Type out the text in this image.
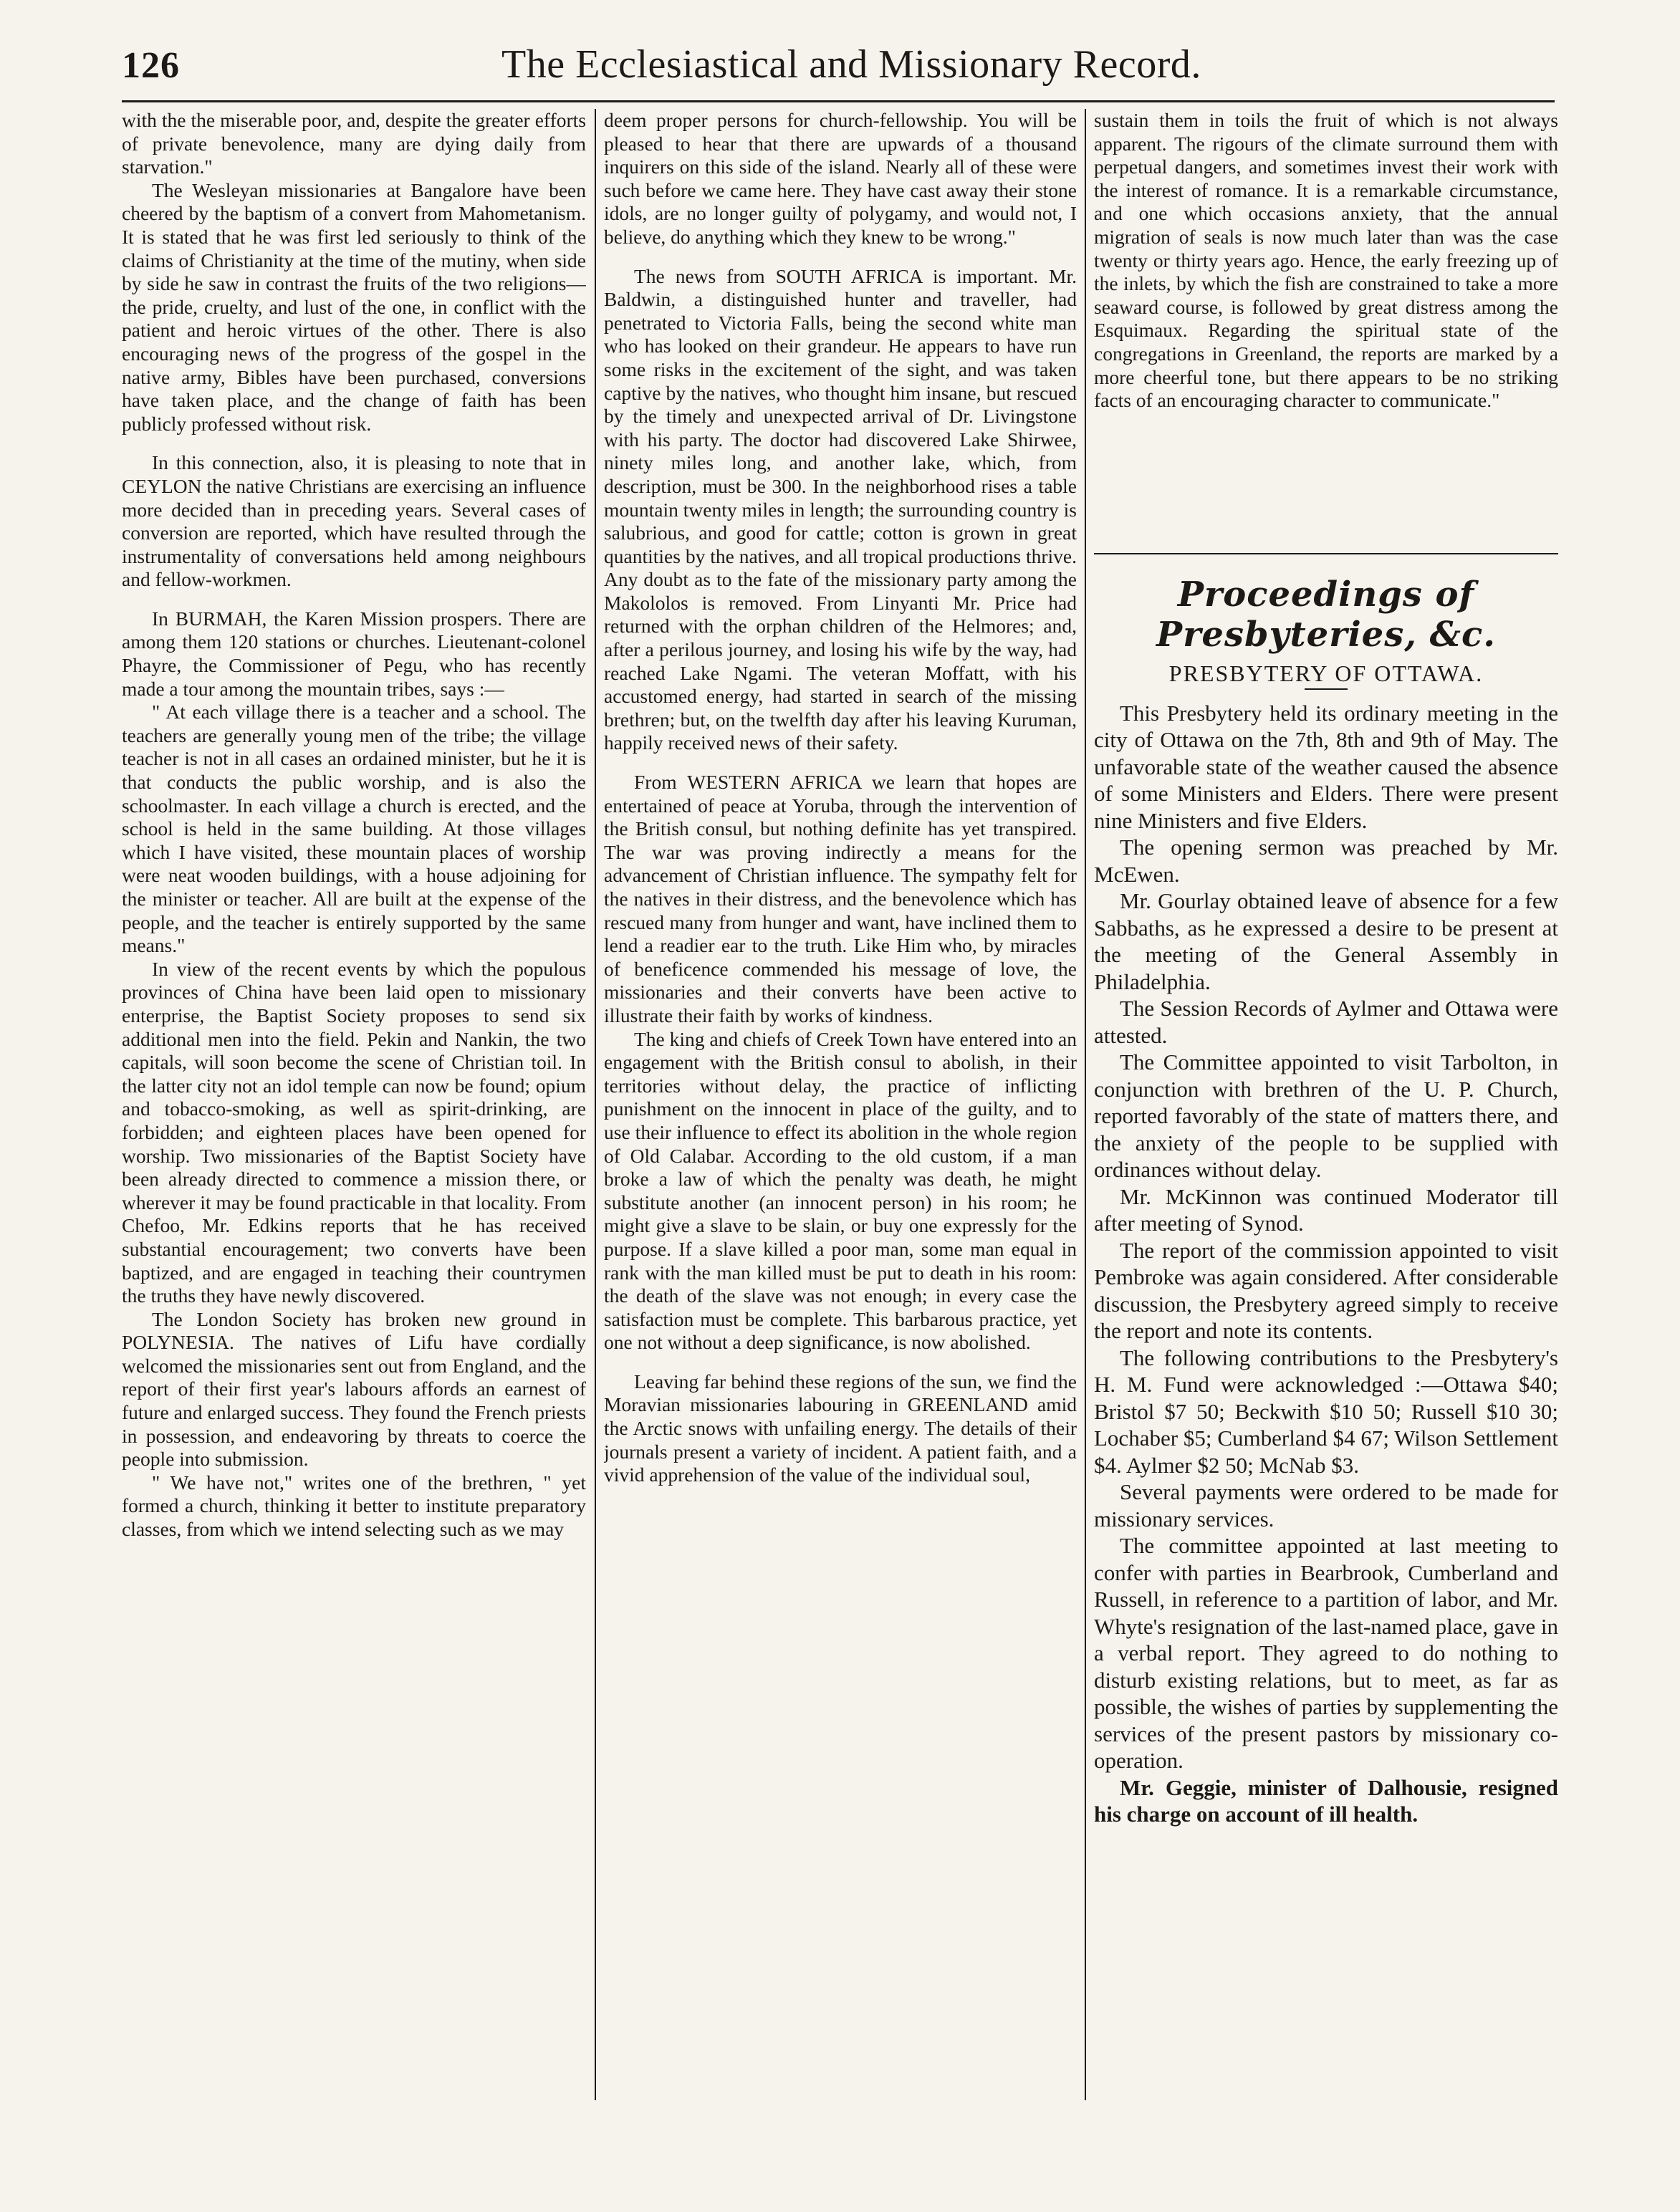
126	The Ecclesiastical and Missionary Record.

with the the miserable poor, and, despite the greater efforts of private benevolence, many are dying daily from starvation."

The Wesleyan missionaries at Bangalore have been cheered by the baptism of a convert from Mahometanism. It is stated that he was first led seriously to think of the claims of Christianity at the time of the mutiny, when side by side he saw in contrast the fruits of the two religions—the pride, cruelty, and lust of the one, in conflict with the patient and heroic virtues of the other. There is also encouraging news of the progress of the gospel in the native army, Bibles have been purchased, conversions have taken place, and the change of faith has been publicly professed without risk.

In this connection, also, it is pleasing to note that in CEYLON the native Christians are exercising an influence more decided than in preceding years. Several cases of conversion are reported, which have resulted through the instrumentality of conversations held among neighbours and fellow-workmen.

In BURMAH, the Karen Mission prospers. There are among them 120 stations or churches. Lieutenant-colonel Phayre, the Commissioner of Pegu, who has recently made a tour among the mountain tribes, says :—

" At each village there is a teacher and a school. The teachers are generally young men of the tribe; the village teacher is not in all cases an ordained minister, but he it is that conducts the public worship, and is also the schoolmaster. In each village a church is erected, and the school is held in the same building. At those villages which I have visited, these mountain places of worship were neat wooden buildings, with a house adjoining for the minister or teacher. All are built at the expense of the people, and the teacher is entirely supported by the same means."

In view of the recent events by which the populous provinces of China have been laid open to missionary enterprise, the Baptist Society proposes to send six additional men into the field. Pekin and Nankin, the two capitals, will soon become the scene of Christian toil. In the latter city not an idol temple can now be found; opium and tobacco-smoking, as well as spirit-drinking, are forbidden; and eighteen places have been opened for worship. Two missionaries of the Baptist Society have been already directed to commence a mission there, or wherever it may be found practicable in that locality. From Chefoo, Mr. Edkins reports that he has received substantial encouragement; two converts have been baptized, and are engaged in teaching their countrymen the truths they have newly discovered.

The London Society has broken new ground in POLYNESIA. The natives of Lifu have cordially welcomed the missionaries sent out from England, and the report of their first year's labours affords an earnest of future and enlarged success. They found the French priests in possession, and endeavoring by threats to coerce the people into submission.

" We have not," writes one of the brethren, " yet formed a church, thinking it better to institute preparatory classes, from which we intend selecting such as we may

deem proper persons for church-fellowship. You will be pleased to hear that there are upwards of a thousand inquirers on this side of the island. Nearly all of these were such before we came here. They have cast away their stone idols, are no longer guilty of polygamy, and would not, I believe, do anything which they knew to be wrong."

The news from SOUTH AFRICA is important. Mr. Baldwin, a distinguished hunter and traveller, had penetrated to Victoria Falls, being the second white man who has looked on their grandeur. He appears to have run some risks in the excitement of the sight, and was taken captive by the natives, who thought him insane, but rescued by the timely and unexpected arrival of Dr. Livingstone with his party. The doctor had discovered Lake Shirwee, ninety miles long, and another lake, which, from description, must be 300. In the neighborhood rises a table mountain twenty miles in length; the surrounding country is salubrious, and good for cattle; cotton is grown in great quantities by the natives, and all tropical productions thrive. Any doubt as to the fate of the missionary party among the Makololos is removed. From Linyanti Mr. Price had returned with the orphan children of the Helmores; and, after a perilous journey, and losing his wife by the way, had reached Lake Ngami. The veteran Moffatt, with his accustomed energy, had started in search of the missing brethren; but, on the twelfth day after his leaving Kuruman, happily received news of their safety.

From WESTERN AFRICA we learn that hopes are entertained of peace at Yoruba, through the intervention of the British consul, but nothing definite has yet transpired. The war was proving indirectly a means for the advancement of Christian influence. The sympathy felt for the natives in their distress, and the benevolence which has rescued many from hunger and want, have inclined them to lend a readier ear to the truth. Like Him who, by miracles of beneficence commended his message of love, the missionaries and their converts have been active to illustrate their faith by works of kindness.

The king and chiefs of Creek Town have entered into an engagement with the British consul to abolish, in their territories without delay, the practice of inflicting punishment on the innocent in place of the guilty, and to use their influence to effect its abolition in the whole region of Old Calabar. According to the old custom, if a man broke a law of which the penalty was death, he might substitute another (an innocent person) in his room; he might give a slave to be slain, or buy one expressly for the purpose. If a slave killed a poor man, some man equal in rank with the man killed must be put to death in his room: the death of the slave was not enough; in every case the satisfaction must be complete. This barbarous practice, yet one not without a deep significance, is now abolished.

Leaving far behind these regions of the sun, we find the Moravian missionaries labouring in GREENLAND amid the Arctic snows with unfailing energy. The details of their journals present a variety of incident. A patient faith, and a vivid apprehension of the value of the individual soul,

sustain them in toils the fruit of which is not always apparent. The rigours of the climate surround them with perpetual dangers, and sometimes invest their work with the interest of romance. It is a remarkable circumstance, and one which occasions anxiety, that the annual migration of seals is now much later than was the case twenty or thirty years ago. Hence, the early freezing up of the inlets, by which the fish are constrained to take a more seaward course, is followed by great distress among the Esquimaux. Regarding the spiritual state of the congregations in Greenland, the reports are marked by a more cheerful tone, but there appears to be no striking facts of an encouraging character to communicate."

Proceedings of Presbyteries, &c.
PRESBYTERY OF OTTAWA.

This Presbytery held its ordinary meeting in the city of Ottawa on the 7th, 8th and 9th of May. The unfavorable state of the weather caused the absence of some Ministers and Elders. There were present nine Ministers and five Elders.

The opening sermon was preached by Mr. McEwen.

Mr. Gourlay obtained leave of absence for a few Sabbaths, as he expressed a desire to be present at the meeting of the General Assembly in Philadelphia.

The Session Records of Aylmer and Ottawa were attested.

The Committee appointed to visit Tarbolton, in conjunction with brethren of the U. P. Church, reported favorably of the state of matters there, and the anxiety of the people to be supplied with ordinances without delay.

Mr. McKinnon was continued Moderator till after meeting of Synod.

The report of the commission appointed to visit Pembroke was again considered. After considerable discussion, the Presbytery agreed simply to receive the report and note its contents.

The following contributions to the Presbytery's H. M. Fund were acknowledged :—Ottawa $40; Bristol $7 50; Beckwith $10 50; Russell $10 30; Lochaber $5; Cumberland $4 67; Wilson Settlement $4. Aylmer $2 50; McNab $3.

Several payments were ordered to be made for missionary services.

The committee appointed at last meeting to confer with parties in Bearbrook, Cumberland and Russell, in reference to a partition of labor, and Mr. Whyte's resignation of the last-named place, gave in a verbal report. They agreed to do nothing to disturb existing relations, but to meet, as far as possible, the wishes of parties by supplementing the services of the present pastors by missionary co-operation.

Mr. Geggie, minister of Dalhousie, resigned his charge on account of ill health.
